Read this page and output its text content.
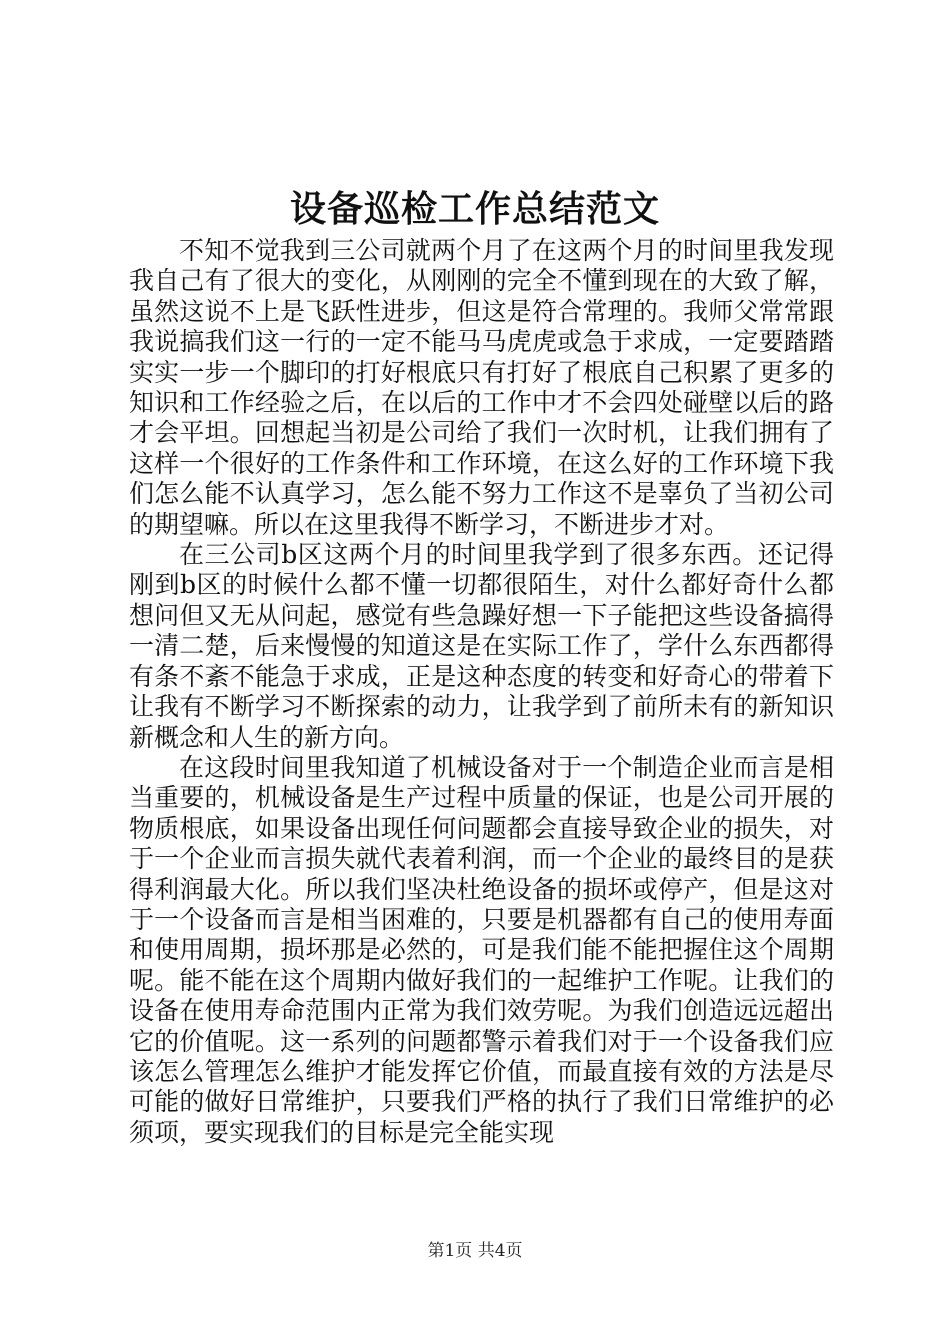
设备巡检工作总结范文

不知不觉我到三公司就两个月了在这两个月的时间里我发现我自己有了很大的变化，从刚刚的完全不懂到现在的大致了解，虽然这说不上是飞跃性进步，但这是符合常理的。我师父常常跟我说搞我们这一行的一定不能马马虎虎或急于求成，一定要踏踏实实一步一个脚印的打好根底只有打好了根底自己积累了更多的知识和工作经验之后，在以后的工作中才不会四处碰壁以后的路才会平坦。回想起当初是公司给了我们一次时机，让我们拥有了这样一个很好的工作条件和工作环境，在这么好的工作环境下我们怎么能不认真学习，怎么能不努力工作这不是辜负了当初公司的期望嘛。所以在这里我得不断学习，不断进步才对。

在三公司b区这两个月的时间里我学到了很多东西。还记得刚到b区的时候什么都不懂一切都很陌生，对什么都好奇什么都想问但又无从问起，感觉有些急躁好想一下子能把这些设备搞得一清二楚，后来慢慢的知道这是在实际工作了，学什么东西都得有条不紊不能急于求成，正是这种态度的转变和好奇心的带着下让我有不断学习不断探索的动力，让我学到了前所未有的新知识新概念和人生的新方向。

在这段时间里我知道了机械设备对于一个制造企业而言是相当重要的，机械设备是生产过程中质量的保证，也是公司开展的物质根底，如果设备出现任何问题都会直接导致企业的损失，对于一个企业而言损失就代表着利润，而一个企业的最终目的是获得利润最大化。所以我们坚决杜绝设备的损坏或停产，但是这对于一个设备而言是相当困难的，只要是机器都有自己的使用寿面和使用周期，损坏那是必然的，可是我们能不能把握住这个周期呢。能不能在这个周期内做好我们的一起维护工作呢。让我们的设备在使用寿命范围内正常为我们效劳呢。为我们创造远远超出它的价值呢。这一系列的问题都警示着我们对于一个设备我们应该怎么管理怎么维护才能发挥它价值，而最直接有效的方法是尽可能的做好日常维护，只要我们严格的执行了我们日常维护的必须项，要实现我们的目标是完全能实现

第1页 共4页
